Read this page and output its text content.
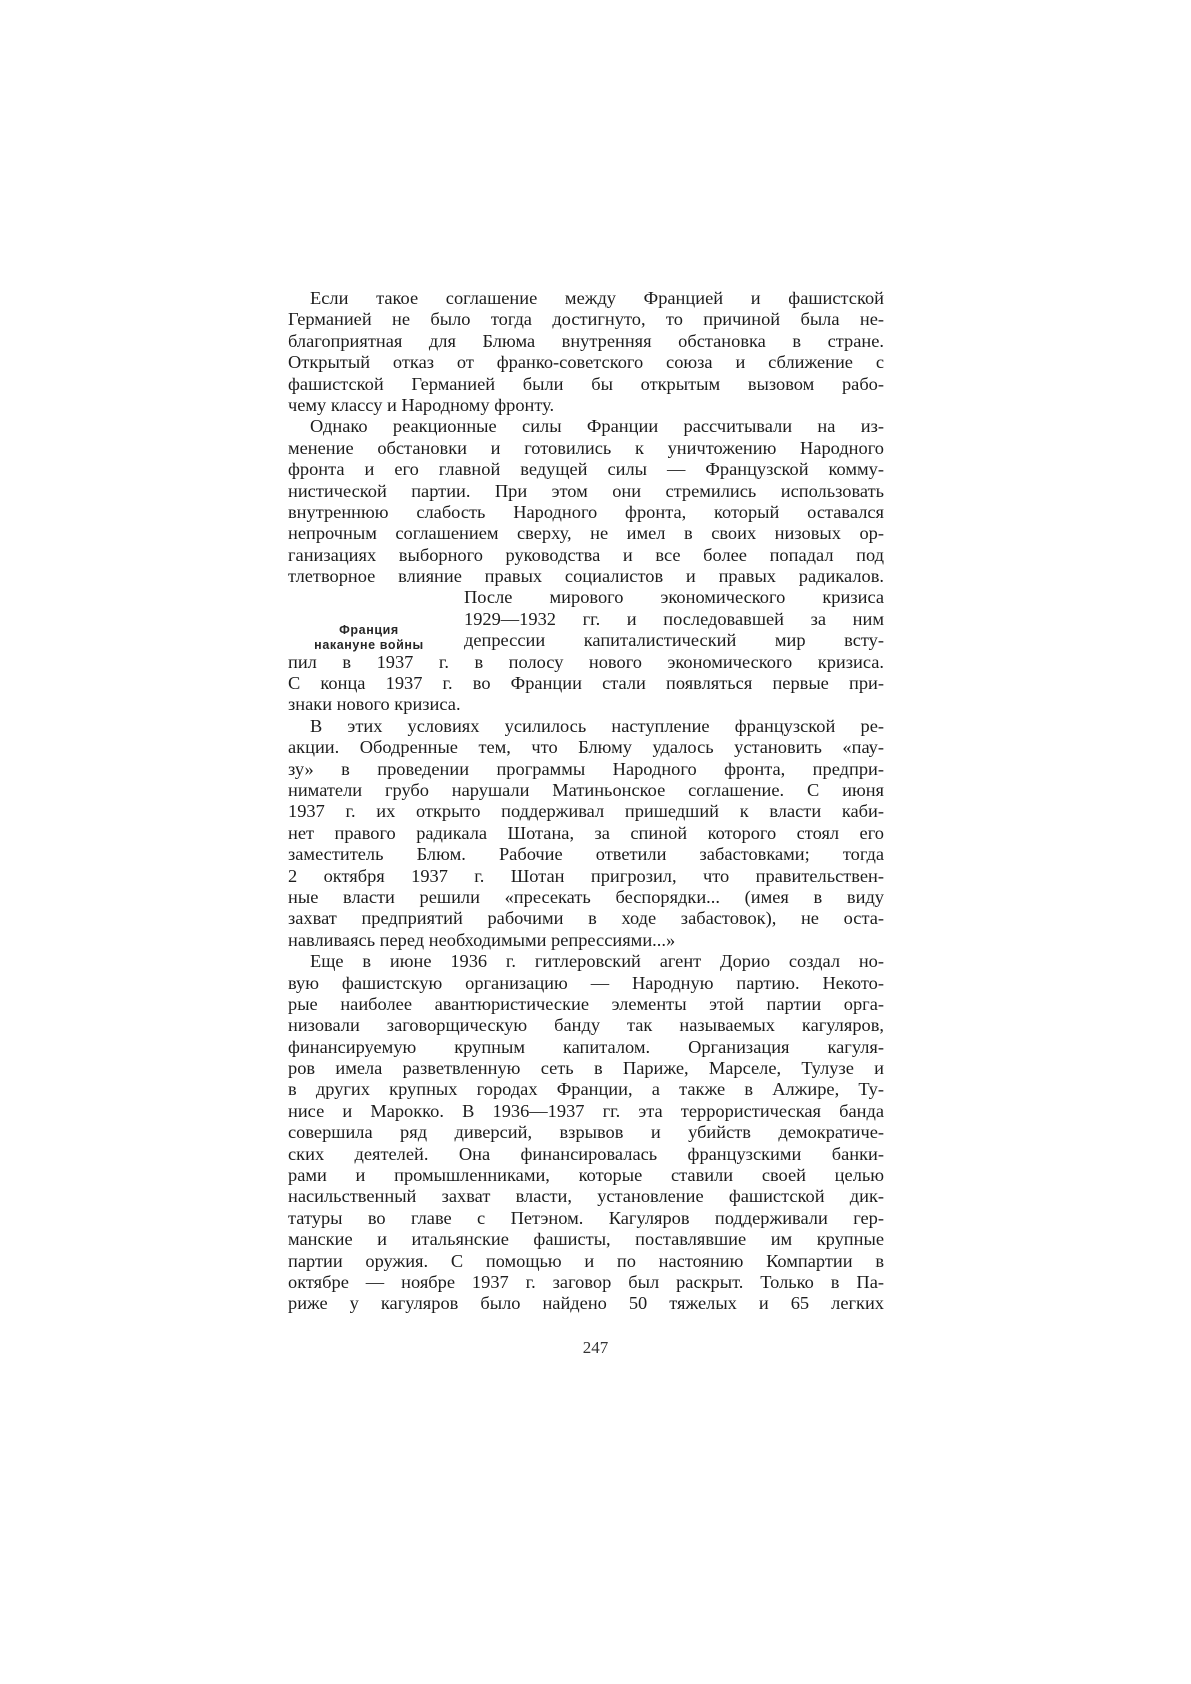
Если такое соглашение между Францией и фашистской
Германией не было тогда достигнуто, то причиной была не-
благоприятная для Блюма внутренняя обстановка в стране.
Открытый отказ от франко-советского союза и сближение с
фашистской Германией были бы открытым вызовом рабо-
чему классу и Народному фронту.
Однако реакционные силы Франции рассчитывали на из-
менение обстановки и готовились к уничтожению Народного
фронта и его главной ведущей силы — Французской комму-
нистической партии. При этом они стремились использовать
внутреннюю слабость Народного фронта, который оставался
непрочным соглашением сверху, не имел в своих низовых ор-
ганизациях выборного руководства и все более попадал под
тлетворное влияние правых социалистов и правых радикалов.
После мирового экономического кризиса
1929—1932 гг. и последовавшей за ним
депрессии капиталистический мир всту-
пил в 1937 г. в полосу нового экономического кризиса.
С конца 1937 г. во Франции стали появляться первые при-
знаки нового кризиса.
В этих условиях усилилось наступление французской ре-
акции. Ободренные тем, что Блюму удалось установить «пау-
зу» в проведении программы Народного фронта, предпри-
ниматели грубо нарушали Матиньонское соглашение. С июня
1937 г. их открыто поддерживал пришедший к власти каби-
нет правого радикала Шотана, за спиной которого стоял его
заместитель Блюм. Рабочие ответили забастовками; тогда
2 октября 1937 г. Шотан пригрозил, что правительствен-
ные власти решили «пресекать беспорядки... (имея в виду
захват предприятий рабочими в ходе забастовок), не оста-
навливаясь перед необходимыми репрессиями...»
Еще в июне 1936 г. гитлеровский агент Дорио создал но-
вую фашистскую организацию — Народную партию. Некото-
рые наиболее авантюристические элементы этой партии орга-
низовали заговорщическую банду так называемых кагуляров,
финансируемую крупным капиталом. Организация кагуля-
ров имела разветвленную сеть в Париже, Марселе, Тулузе и
в других крупных городах Франции, а также в Алжире, Ту-
нисе и Марокко. В 1936—1937 гг. эта террористическая банда
совершила ряд диверсий, взрывов и убийств демократиче-
ских деятелей. Она финансировалась французскими банки-
рами и промышленниками, которые ставили своей целью
насильственный захват власти, установление фашистской дик-
татуры во главе с Петэном. Кагуляров поддерживали гер-
манские и итальянские фашисты, поставлявшие им крупные
партии оружия. С помощью и по настоянию Компартии в
октябре — ноябре 1937 г. заговор был раскрыт. Только в Па-
риже у кагуляров было найдено 50 тяжелых и 65 легких
Франция
накануне войны
247
